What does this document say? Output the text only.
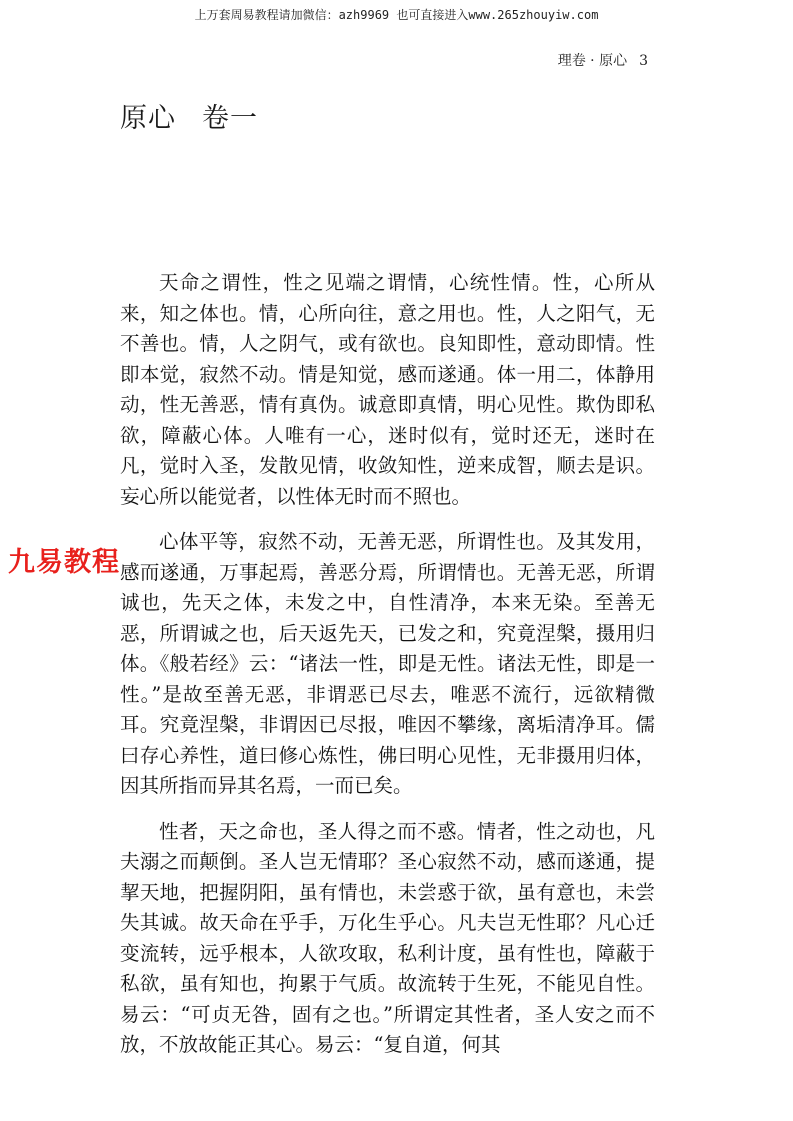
上万套周易教程请加微信：azh9969 也可直接进入www.265zhouyiw.com
理卷 · 原心 3
原心 卷一

天命之谓性，性之见端之谓情，心统性情。性，心所从来，知之体也。情，心所向往，意之用也。性，人之阳气，无不善也。情，人之阴气，或有欲也。良知即性，意动即情。性即本觉，寂然不动。情是知觉，感而遂通。体一用二，体静用动，性无善恶，情有真伪。诚意即真情，明心见性。欺伪即私欲，障蔽心体。人唯有一心，迷时似有，觉时还无，迷时在凡，觉时入圣，发散见情，收敛知性，逆来成智，顺去是识。妄心所以能觉者，以性体无时而不照也。

心体平等，寂然不动，无善无恶，所谓性也。及其发用，感而遂通，万事起焉，善恶分焉，所谓情也。无善无恶，所谓诚也，先天之体，未发之中，自性清净，本来无染。至善无恶，所谓诚之也，后天返先天，已发之和，究竟涅槃，摄用归体。《般若经》云：“诸法一性，即是无性。诸法无性，即是一性。”是故至善无恶，非谓恶已尽去，唯恶不流行，远欲精微耳。究竟涅槃，非谓因已尽报，唯因不攀缘，离垢清净耳。儒曰存心养性，道曰修心炼性，佛曰明心见性，无非摄用归体，因其所指而异其名焉，一而已矣。

性者，天之命也，圣人得之而不惑。情者，性之动也，凡夫溺之而颠倒。圣人岂无情耶？圣心寂然不动，感而遂通，提挈天地，把握阴阳，虽有情也，未尝惑于欲，虽有意也，未尝失其诚。故天命在乎手，万化生乎心。凡夫岂无性耶？凡心迁变流转，远乎根本，人欲攻取，私利计度，虽有性也，障蔽于私欲，虽有知也，拘累于气质。故流转于生死，不能见自性。易云：“可贞无咎，固有之也。”所谓定其性者，圣人安之而不放，不放故能正其心。易云：“复自道，何其

九易教程
